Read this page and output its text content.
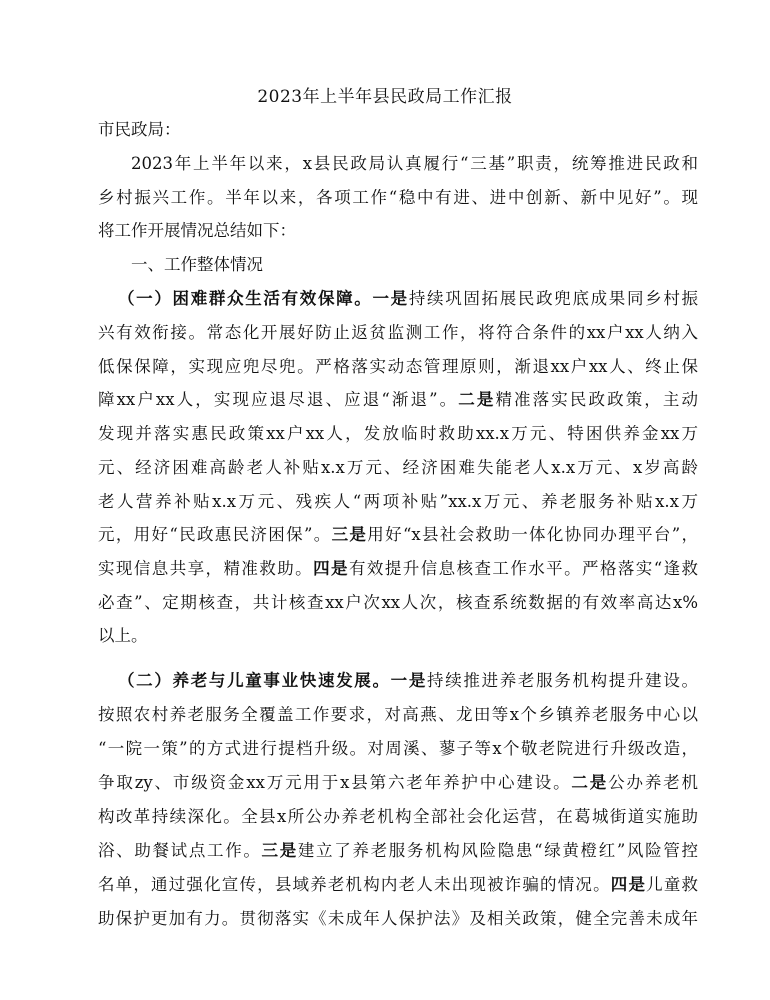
2023年上半年县民政局工作汇报
市民政局：
2023年上半年以来，x县民政局认真履行“三基”职责，统筹推进民政和
乡村振兴工作。半年以来，各项工作“稳中有进、进中创新、新中见好”。现
将工作开展情况总结如下：
一、工作整体情况
（一）困难群众生活有效保障。一是持续巩固拓展民政兜底成果同乡村振
兴有效衔接。常态化开展好防止返贫监测工作，将符合条件的xx户xx人纳入
低保保障，实现应兜尽兜。严格落实动态管理原则，渐退xx户xx人、终止保
障xx户xx人，实现应退尽退、应退“渐退”。二是精准落实民政政策，主动
发现并落实惠民政策xx户xx人，发放临时救助xx.x万元、特困供养金xx万
元、经济困难高龄老人补贴x.x万元、经济困难失能老人x.x万元、x岁高龄
老人营养补贴x.x万元、残疾人“两项补贴”xx.x万元、养老服务补贴x.x万
元，用好“民政惠民济困保”。三是用好“x县社会救助一体化协同办理平台”，
实现信息共享，精准救助。四是有效提升信息核查工作水平。严格落实“逢救
必查”、定期核查，共计核查xx户次xx人次，核查系统数据的有效率高达x%
以上。
（二）养老与儿童事业快速发展。一是持续推进养老服务机构提升建设。
按照农村养老服务全覆盖工作要求，对高燕、龙田等x个乡镇养老服务中心以
“一院一策”的方式进行提档升级。对周溪、蓼子等x个敬老院进行升级改造，
争取zy、市级资金xx万元用于x县第六老年养护中心建设。二是公办养老机
构改革持续深化。全县x所公办养老机构全部社会化运营，在葛城街道实施助
浴、助餐试点工作。三是建立了养老服务机构风险隐患“绿黄橙红”风险管控
名单，通过强化宣传，县域养老机构内老人未出现被诈骗的情况。四是儿童救
助保护更加有力。贯彻落实《未成年人保护法》及相关政策，健全完善未成年
